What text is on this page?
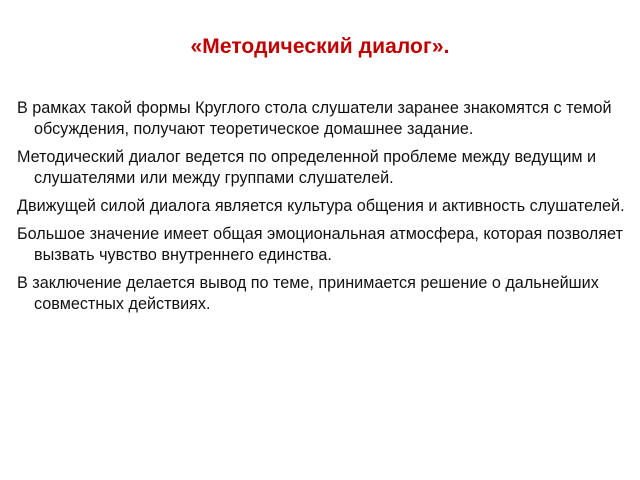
«Методический диалог».

В рамках такой формы Круглого стола слушатели заранее знакомятся с темой обсуждения, получают теоретическое домашнее задание.

Методический диалог ведется по определенной проблеме между ведущим и слушателями или между группами слушателей.

Движущей силой диалога является культура общения и активность слушателей.

Большое значение имеет общая эмоциональная атмосфера, которая позволяет вызвать чувство внутреннего единства.

В заключение делается вывод по теме, принимается решение о дальнейших совместных действиях.
